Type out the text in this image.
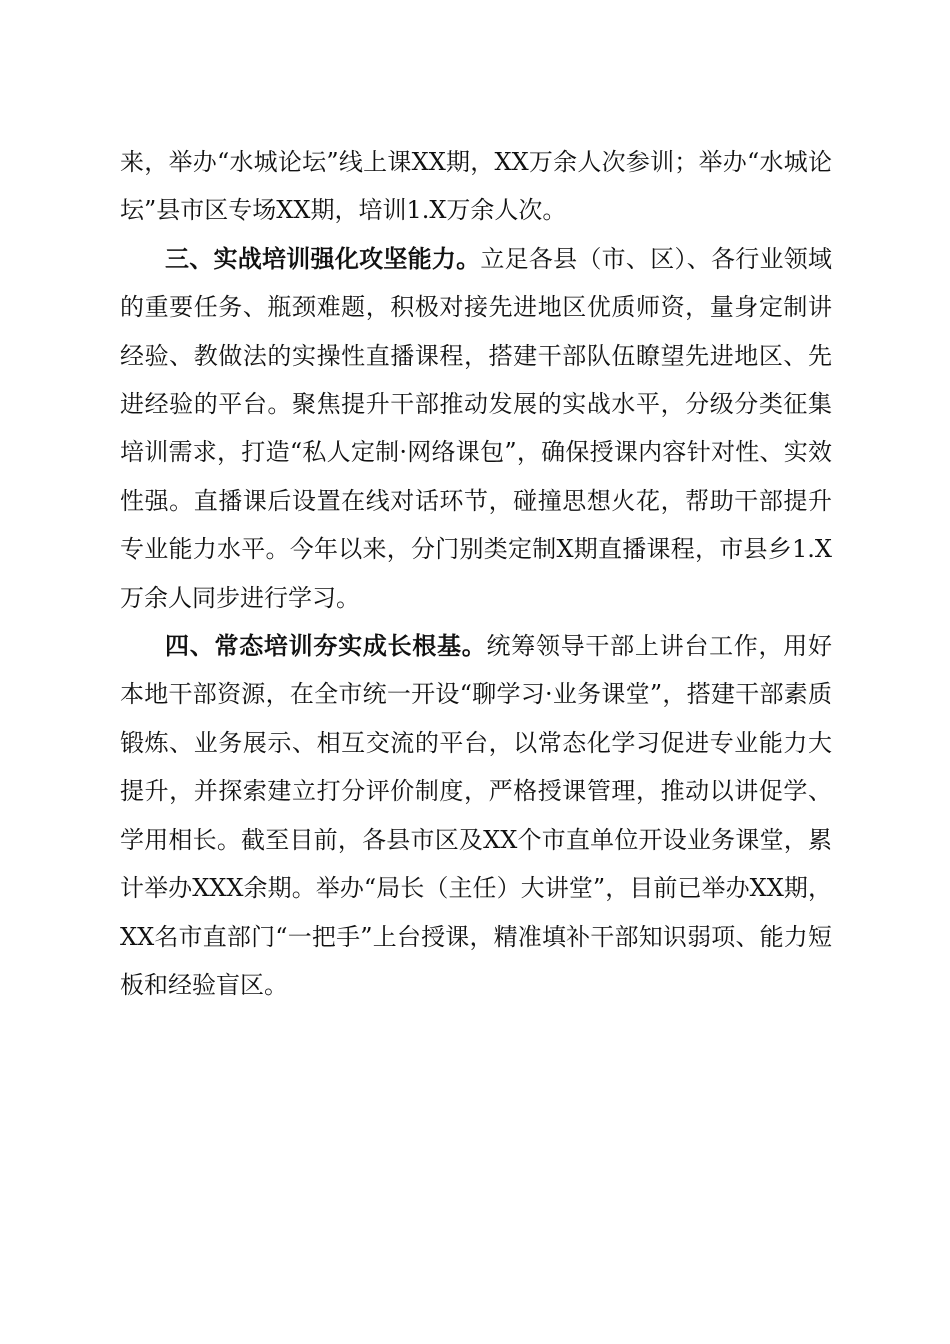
来，举办“水城论坛”线上课XX期，XX万余人次参训；举办“水城论坛”县市区专场XX期，培训1.X万余人次。

三、实战培训强化攻坚能力。立足各县（市、区）、各行业领域的重要任务、瓶颈难题，积极对接先进地区优质师资，量身定制讲经验、教做法的实操性直播课程，搭建干部队伍瞭望先进地区、先进经验的平台。聚焦提升干部推动发展的实战水平，分级分类征集培训需求，打造“私人定制·网络课包”，确保授课内容针对性、实效性强。直播课后设置在线对话环节，碰撞思想火花，帮助干部提升专业能力水平。今年以来，分门别类定制X期直播课程，市县乡1.X万余人同步进行学习。

四、常态培训夯实成长根基。统筹领导干部上讲台工作，用好本地干部资源，在全市统一开设“聊学习·业务课堂”，搭建干部素质锻炼、业务展示、相互交流的平台，以常态化学习促进专业能力大提升，并探索建立打分评价制度，严格授课管理，推动以讲促学、学用相长。截至目前，各县市区及XX个市直单位开设业务课堂，累计举办XXX余期。举办“局长（主任）大讲堂”，目前已举办XX期，XX名市直部门“一把手”上台授课，精准填补干部知识弱项、能力短板和经验盲区。
